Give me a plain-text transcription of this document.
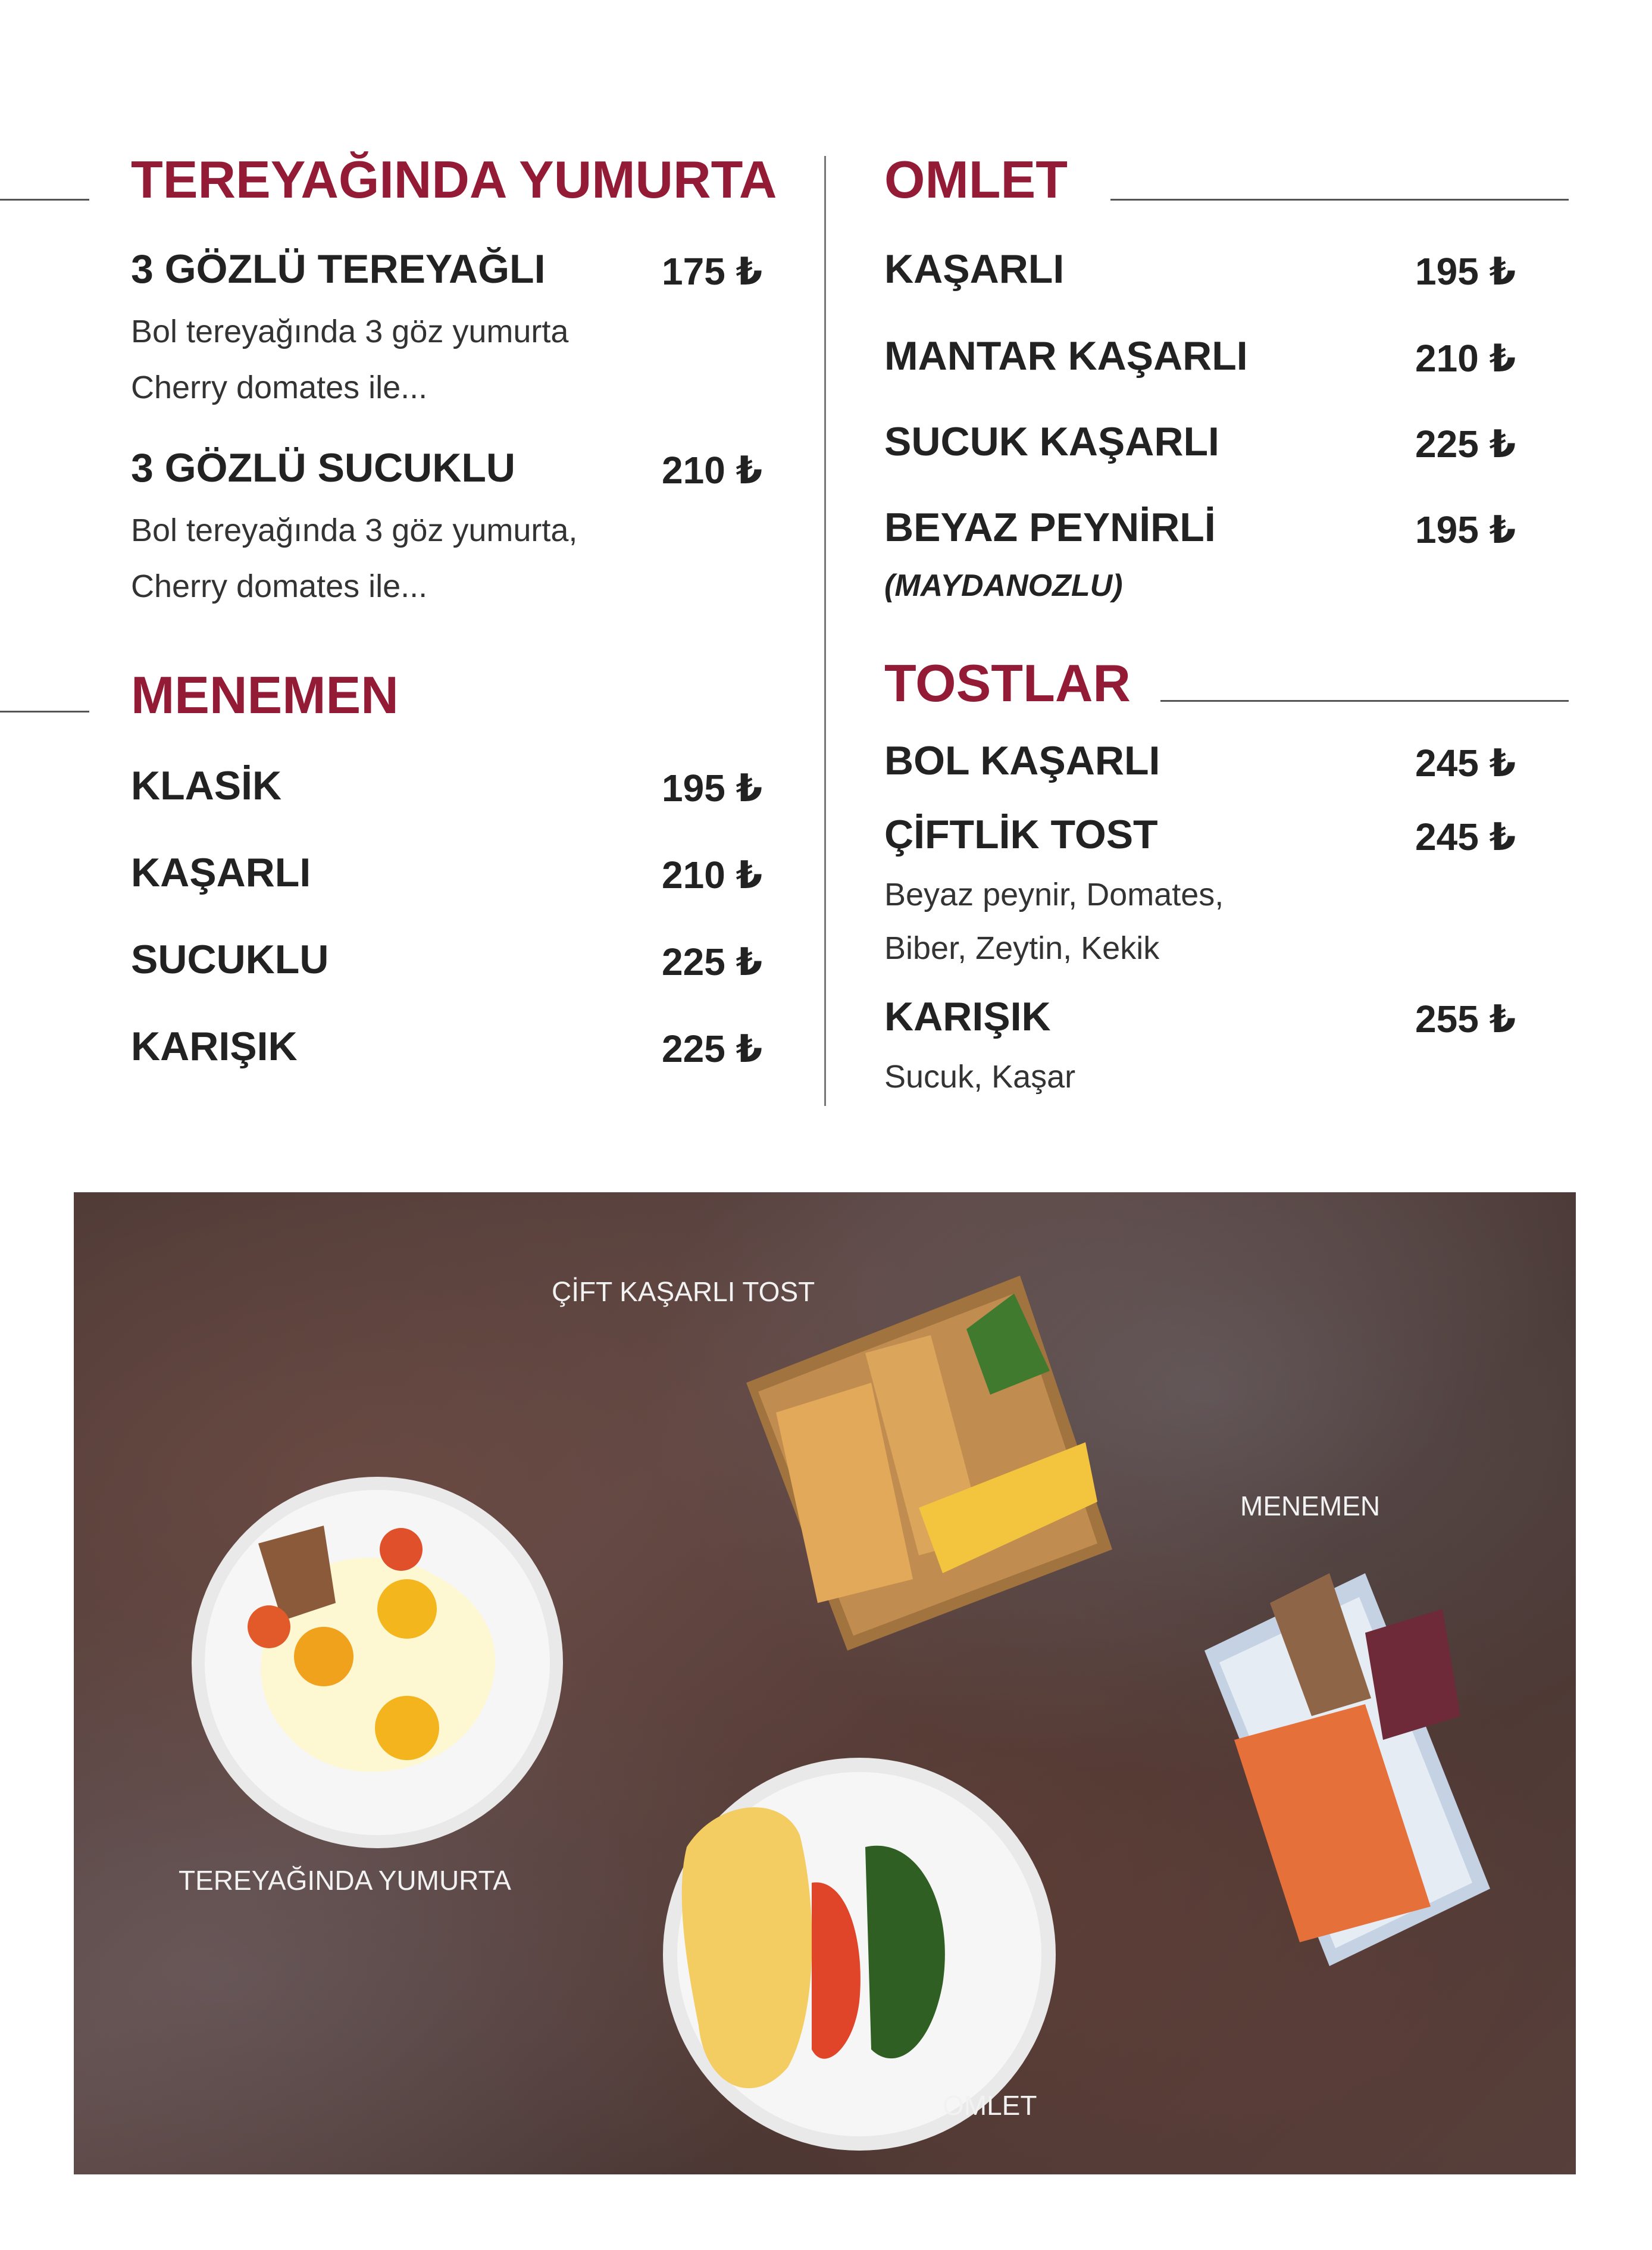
TEREYAĞINDA YUMURTA
3 GÖZLÜ TEREYAĞLI	175 ₺
Bol tereyağında 3 göz yumurta
Cherry domates ile...
3 GÖZLÜ SUCUKLU	210 ₺
Bol tereyağında 3 göz yumurta,
Cherry domates ile...
MENEMEN
KLASİK	195 ₺
KAŞARLI	210 ₺
SUCUKLU	225 ₺
KARIŞIK	225 ₺
OMLET
KAŞARLI	195 ₺
MANTAR KAŞARLI	210 ₺
SUCUK KAŞARLI	225 ₺
BEYAZ PEYNİRLİ	195 ₺
(MAYDANOZLU)
TOSTLAR
BOL KAŞARLI	245 ₺
ÇİFTLİK TOST	245 ₺
Beyaz peynir, Domates,
Biber, Zeytin, Kekik
KARIŞIK	255 ₺
Sucuk, Kaşar
ÇİFT KAŞARLI TOST
MENEMEN
TEREYAĞINDA YUMURTA
OMLET
